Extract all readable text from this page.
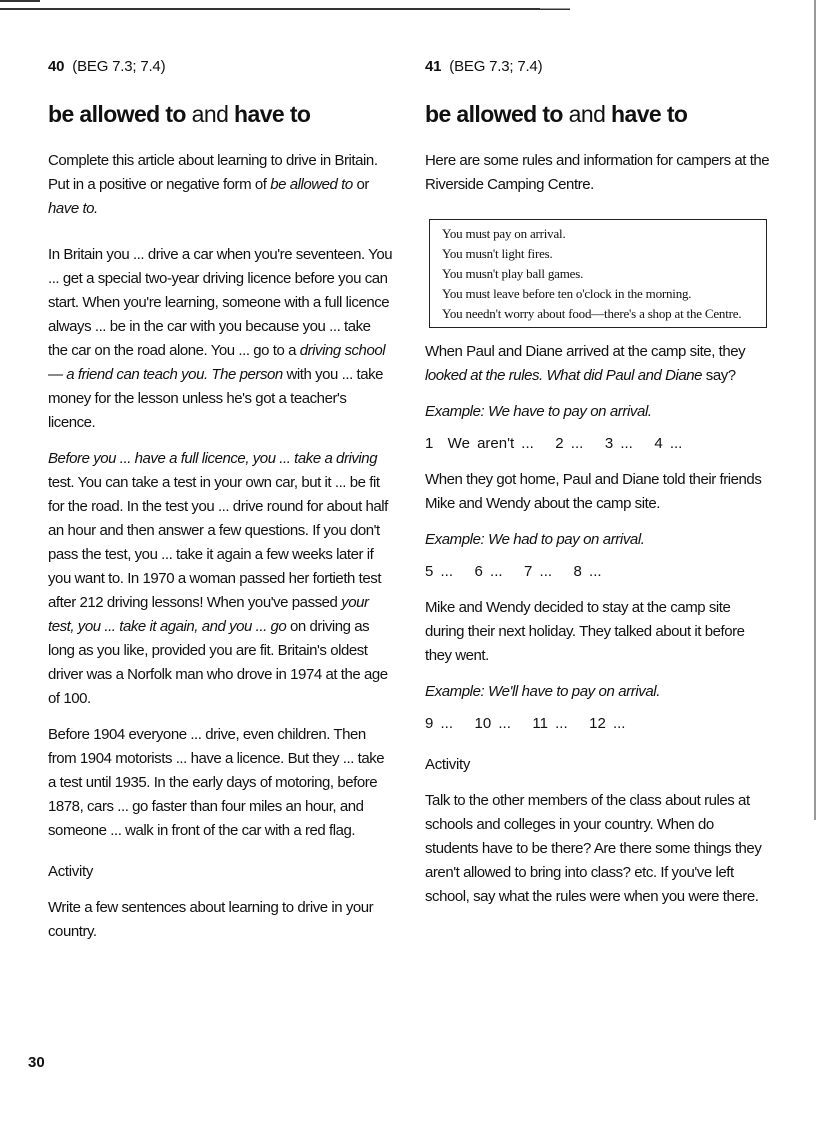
40 (BEG 7.3; 7.4)
be allowed to and have to

Complete this article about learning to drive in Britain. Put in a positive or negative form of be allowed to or have to.

In Britain you ... drive a car when you're seventeen. You ... get a special two-year driving licence before you can start. When you're learning, someone with a full licence always ... be in the car with you because you ... take the car on the road alone. You ... go to a driving school — a friend can teach you. The person with you ... take money for the lesson unless he's got a teacher's licence.

Before you ... have a full licence, you ... take a driving test. You can take a test in your own car, but it ... be fit for the road. In the test you ... drive round for about half an hour and then answer a few questions. If you don't pass the test, you ... take it again a few weeks later if you want to. In 1970 a woman passed her fortieth test after 212 driving lessons! When you've passed your test, you ... take it again, and you ... go on driving as long as you like, provided you are fit. Britain's oldest driver was a Norfolk man who drove in 1974 at the age of 100.

Before 1904 everyone ... drive, even children. Then from 1904 motorists ... have a licence. But they ... take a test until 1935. In the early days of motoring, before 1878, cars ... go faster than four miles an hour, and someone ... walk in front of the car with a red flag.

Activity

Write a few sentences about learning to drive in your country.

41 (BEG 7.3; 7.4)
be allowed to and have to

Here are some rules and information for campers at the Riverside Camping Centre.

You must pay on arrival.
You musn't light fires.
You musn't play ball games.
You must leave before ten o'clock in the morning.
You needn't worry about food—there's a shop at the Centre.

When Paul and Diane arrived at the camp site, they looked at the rules. What did Paul and Diane say?

Example: We have to pay on arrival.
1  We aren't ...   2 ...   3 ...   4 ...

When they got home, Paul and Diane told their friends Mike and Wendy about the camp site.

Example: We had to pay on arrival.
5 ...   6 ...   7 ...   8 ...

Mike and Wendy decided to stay at the camp site during their next holiday. They talked about it before they went.

Example: We'll have to pay on arrival.
9 ...   10 ...   11 ...   12 ...
Activity

Talk to the other members of the class about rules at schools and colleges in your country. When do students have to be there? Are there some things they aren't allowed to bring into class? etc. If you've left school, say what the rules were when you were there.

30
